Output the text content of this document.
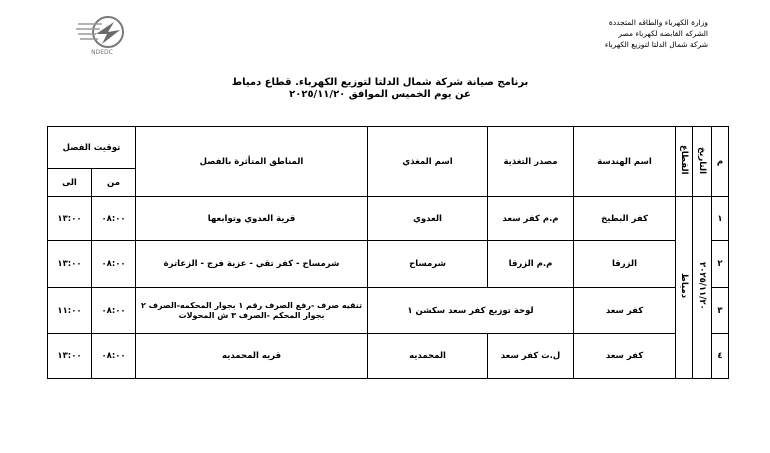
وزارة الكهرباء والطاقه المتجددة
الشركه القابضه لكهرباء مصر
شركة شمال الدلتا لتوزيع الكهرباء
NDEDC
برنامج صيانة شركة شمال الدلتا لتوزيع الكهرباء. قطاع دمياط
عن يوم الخميس الموافق ٢٠٢٥/١١/٢٠
م	التاريخ	القطاع	اسم الهندسة	مصدر التغذية	اسم المغذي	المناطق المتأثرة بالفصل	توقيت الفصل	
							من	الى
١	٢٠٢٥/١١/٢٠	دمياط	كفر البطيخ	م.م كفر سعد	العدوي	قرية العدوي وتوابعها	٠٨:٠٠	١٣:٠٠
٢			الزرقا	م.م الزرقا	شرمساح	شرمساح - كفر تقي - عزبة فرج - الزعاترة	٠٨:٠٠	١٣:٠٠
٣			كفر سعد	لوحة توزيع كفر سعد سكشن ١		تنقيه صرف -رفع الصرف رقم ١ بجوار المحكمه-الصرف ٢ بجوار المحكم -الصرف ٣ ش المحولات	٠٨:٠٠	١١:٠٠
٤			كفر سعد	ل.ت كفر سعد	المحمديه	قريه المحمديه	٠٨:٠٠	١٣:٠٠
